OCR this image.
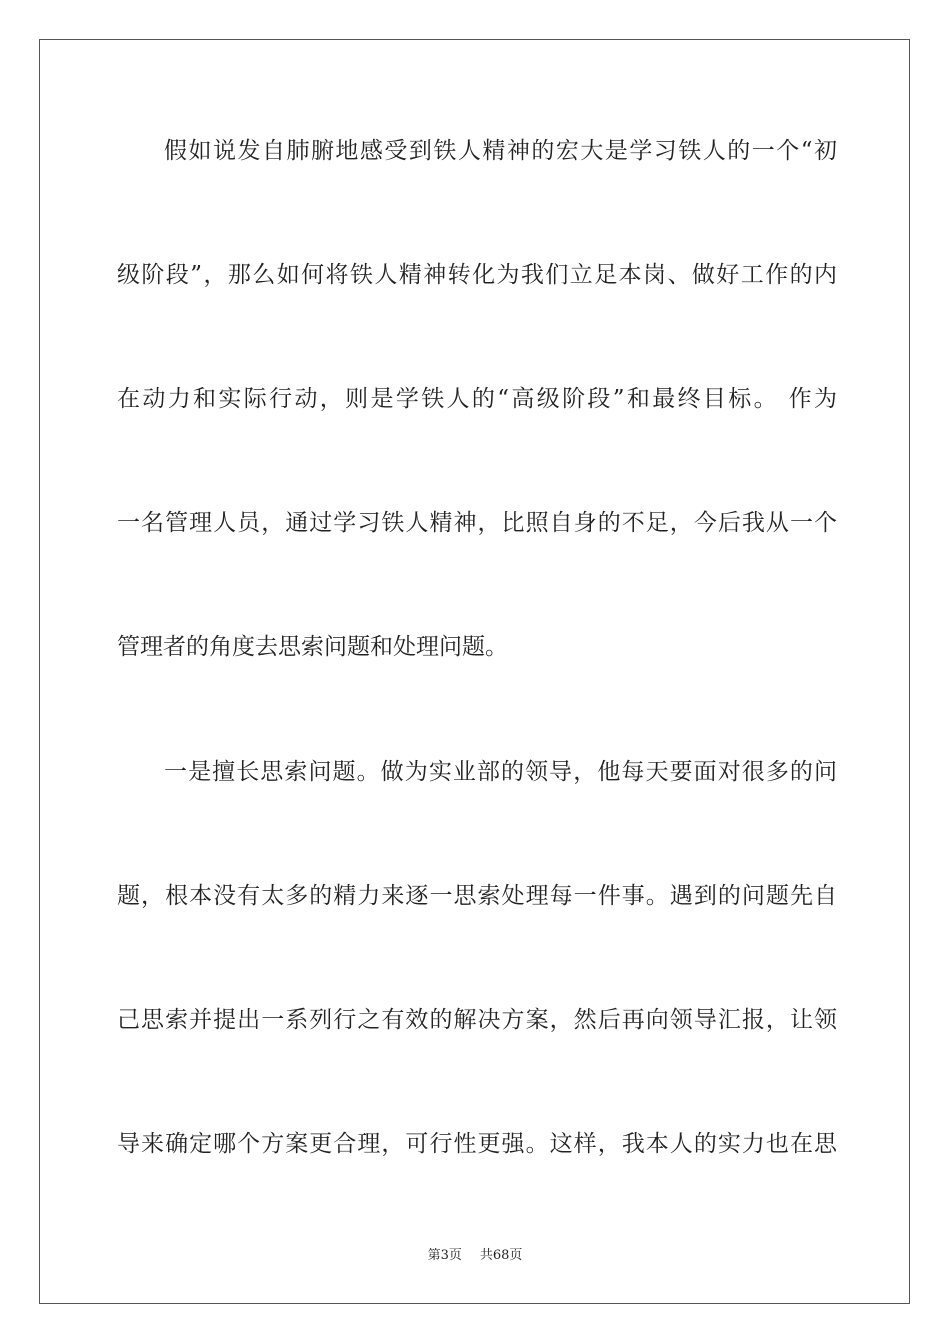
假如说发自肺腑地感受到铁人精神的宏大是学习铁人的一个“初
级阶段”，那么如何将铁人精神转化为我们立足本岗、做好工作的内
在动力和实际行动，则是学铁人的“高级阶段”和最终目标。 作为
一名管理人员，通过学习铁人精神，比照自身的不足，今后我从一个
管理者的角度去思索问题和处理问题。
一是擅长思索问题。做为实业部的领导，他每天要面对很多的问
题，根本没有太多的精力来逐一思索处理每一件事。遇到的问题先自
己思索并提出一系列行之有效的解决方案，然后再向领导汇报，让领
导来确定哪个方案更合理，可行性更强。这样，我本人的实力也在思
第3页 共68页
